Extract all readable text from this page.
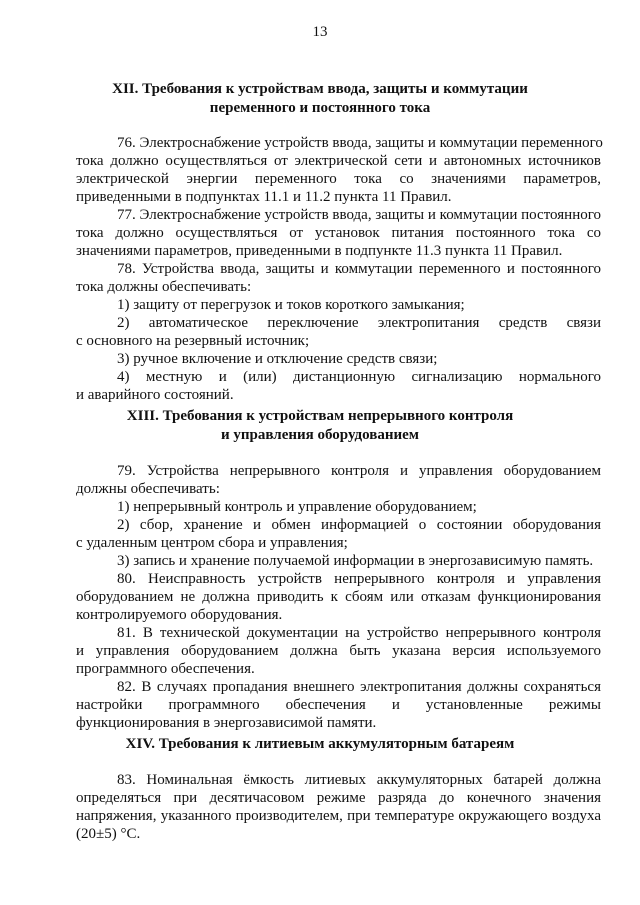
13
XII. Требования к устройствам ввода, защиты и коммутации
переменного и постоянного тока
76. Электроснабжение устройств ввода, защиты и коммутации переменного
тока должно осуществляться от электрической сети и автономных источников
электрической энергии переменного тока со значениями параметров,
приведенными в подпунктах 11.1 и 11.2 пункта 11 Правил.
77. Электроснабжение устройств ввода, защиты и коммутации постоянного
тока должно осуществляться от установок питания постоянного тока со
значениями параметров, приведенными в подпункте 11.3 пункта 11 Правил.
78. Устройства ввода, защиты и коммутации переменного и постоянного
тока должны обеспечивать:
1) защиту от перегрузок и токов короткого замыкания;
2) автоматическое переключение электропитания средств связи
с основного на резервный источник;
3) ручное включение и отключение средств связи;
4) местную и (или) дистанционную сигнализацию нормального
и аварийного состояний.
XIII. Требования к устройствам непрерывного контроля
и управления оборудованием
79. Устройства непрерывного контроля и управления оборудованием
должны обеспечивать:
1) непрерывный контроль и управление оборудованием;
2) сбор, хранение и обмен информацией о состоянии оборудования
с удаленным центром сбора и управления;
3) запись и хранение получаемой информации в энергозависимую память.
80. Неисправность устройств непрерывного контроля и управления
оборудованием не должна приводить к сбоям или отказам функционирования
контролируемого оборудования.
81. В технической документации на устройство непрерывного контроля
и управления оборудованием должна быть указана версия используемого
программного обеспечения.
82. В случаях пропадания внешнего электропитания должны сохраняться
настройки программного обеспечения и установленные режимы
функционирования в энергозависимой памяти.
XIV. Требования к литиевым аккумуляторным батареям
83. Номинальная ёмкость литиевых аккумуляторных батарей должна
определяться при десятичасовом режиме разряда до конечного значения
напряжения, указанного производителем, при температуре окружающего воздуха
(20±5) °С.
